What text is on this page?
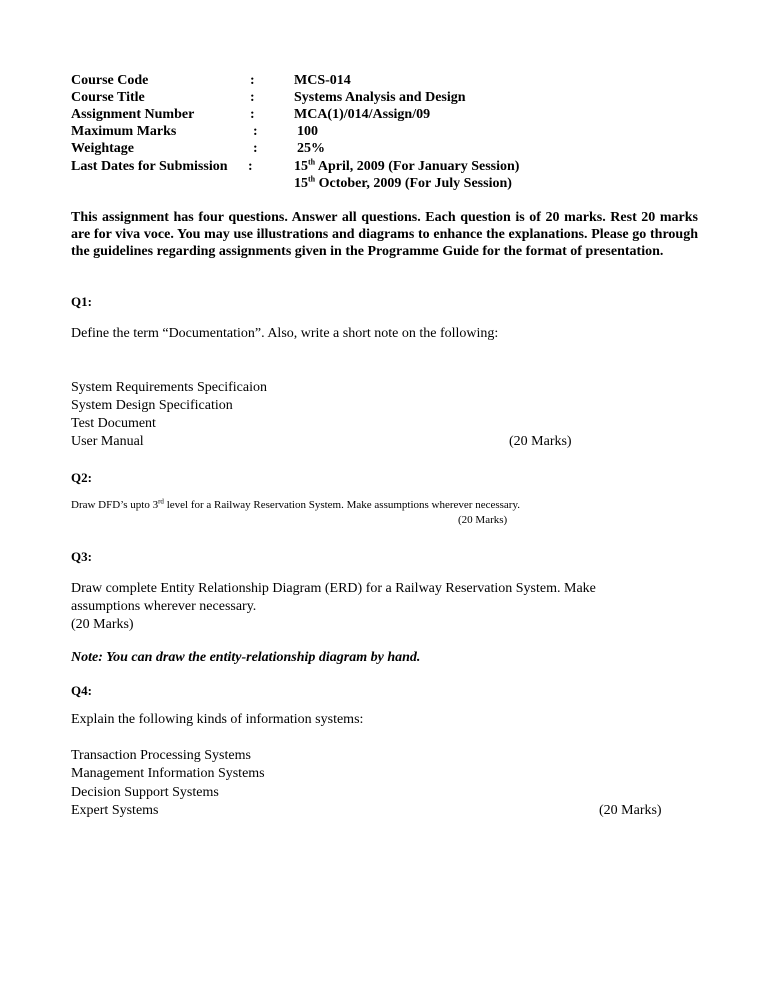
Course Code	:	MCS-014
Course Title	:	Systems Analysis and Design
Assignment Number	:	MCA(1)/014/Assign/09
Maximum Marks	:	100
Weightage	:	25%
Last Dates for Submission :	15th April, 2009 (For January Session)
15th October, 2009 (For July Session)
This assignment has four questions. Answer all questions. Each question is of 20 marks. Rest 20 marks are for viva voce. You may use illustrations and diagrams to enhance the explanations. Please go through the guidelines regarding assignments given in the Programme Guide for the format of presentation.
Q1:
Define the term “Documentation”. Also, write a short note on the following:
System Requirements Specificaion
System Design Specification
Test Document
User Manual	(20 Marks)
Q2:
Draw DFD’s upto 3rd level for a Railway Reservation System. Make assumptions wherever necessary.
(20 Marks)
Q3:
Draw complete Entity Relationship Diagram (ERD) for a Railway Reservation System. Make
assumptions wherever necessary.
(20 Marks)
Note: You can draw the entity-relationship diagram by hand.
Q4:
Explain the following kinds of information systems:
Transaction Processing Systems
Management Information Systems
Decision Support Systems
Expert Systems	(20 Marks)
